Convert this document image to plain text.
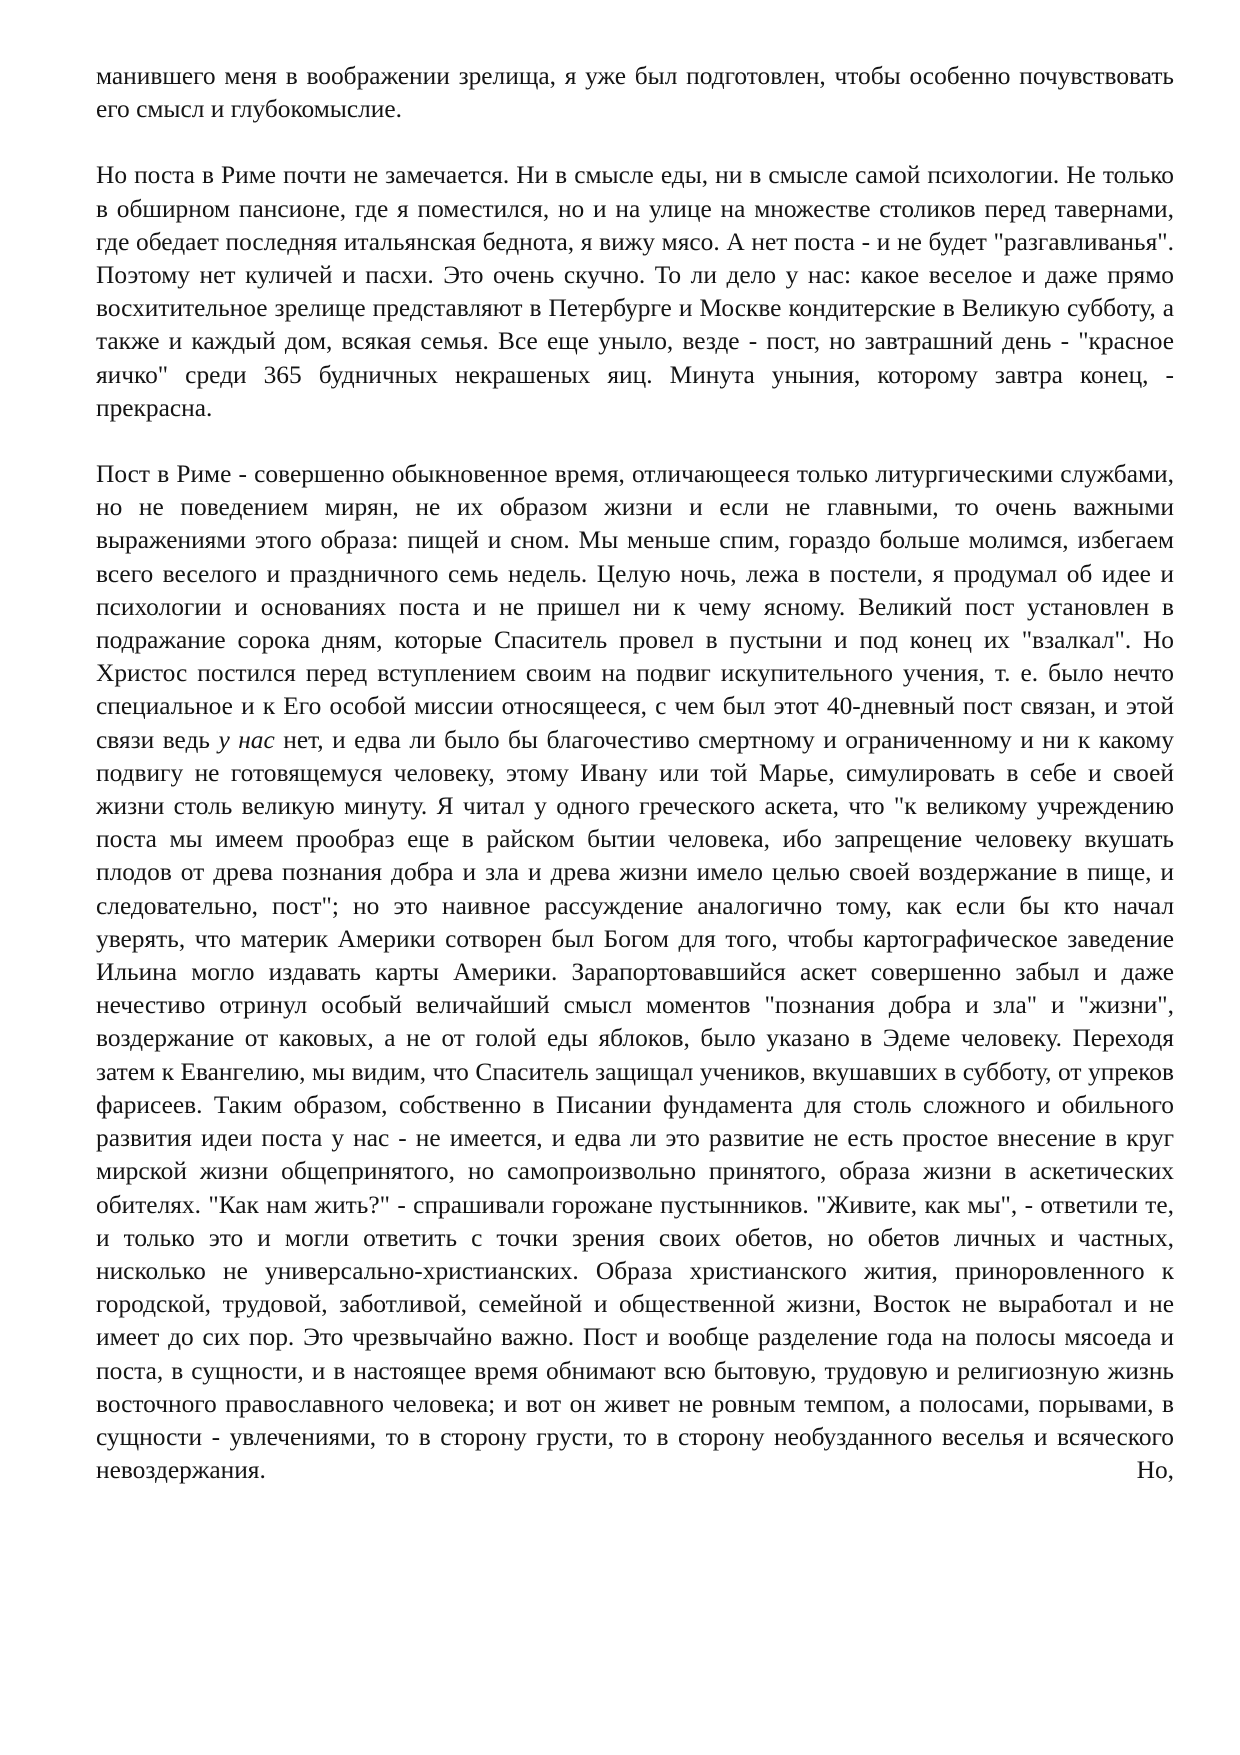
манившего меня в воображении зрелища, я уже был подготовлен, чтобы особенно почувствовать его смысл и глубокомыслие.

Но поста в Риме почти не замечается. Ни в смысле еды, ни в смысле самой психологии. Не только в обширном пансионе, где я поместился, но и на улице на множестве столиков перед тавернами, где обедает последняя итальянская беднота, я вижу мясо. А нет поста - и не будет "разгавливанья". Поэтому нет куличей и пасхи. Это очень скучно. То ли дело у нас: какое веселое и даже прямо восхитительное зрелище представляют в Петербурге и Москве кондитерские в Великую субботу, а также и каждый дом, всякая семья. Все еще уныло, везде - пост, но завтрашний день - "красное яичко" среди 365 будничных некрашеных яиц. Минута уныния, которому завтра конец, - прекрасна.

Пост в Риме - совершенно обыкновенное время, отличающееся только литургическими службами, но не поведением мирян, не их образом жизни и если не главными, то очень важными выражениями этого образа: пищей и сном. Мы меньше спим, гораздо больше молимся, избегаем всего веселого и праздничного семь недель. Целую ночь, лежа в постели, я продумал об идее и психологии и основаниях поста и не пришел ни к чему ясному. Великий пост установлен в подражание сорока дням, которые Спаситель провел в пустыни и под конец их "взалкал". Но Христос постился перед вступлением своим на подвиг искупительного учения, т. е. было нечто специальное и к Его особой миссии относящееся, с чем был этот 40-дневный пост связан, и этой связи ведь у нас нет, и едва ли было бы благочестиво смертному и ограниченному и ни к какому подвигу не готовящемуся человеку, этому Ивану или той Марье, симулировать в себе и своей жизни столь великую минуту. Я читал у одного греческого аскета, что "к великому учреждению поста мы имеем прообраз еще в райском бытии человека, ибо запрещение человеку вкушать плодов от древа познания добра и зла и древа жизни имело целью своей воздержание в пище, и следовательно, пост"; но это наивное рассуждение аналогично тому, как если бы кто начал уверять, что материк Америки сотворен был Богом для того, чтобы картографическое заведение Ильина могло издавать карты Америки. Зарапортовавшийся аскет совершенно забыл и даже нечестиво отринул особый величайший смысл моментов "познания добра и зла" и "жизни", воздержание от каковых, а не от голой еды яблоков, было указано в Эдеме человеку. Переходя затем к Евангелию, мы видим, что Спаситель защищал учеников, вкушавших в субботу, от упреков фарисеев. Таким образом, собственно в Писании фундамента для столь сложного и обильного развития идеи поста у нас - не имеется, и едва ли это развитие не есть простое внесение в круг мирской жизни общепринятого, но самопроизвольно принятого, образа жизни в аскетических обителях. "Как нам жить?" - спрашивали горожане пустынников. "Живите, как мы", - ответили те, и только это и могли ответить с точки зрения своих обетов, но обетов личных и частных, нисколько не универсально-христианских. Образа христианского жития, приноровленного к городской, трудовой, заботливой, семейной и общественной жизни, Восток не выработал и не имеет до сих пор. Это чрезвычайно важно. Пост и вообще разделение года на полосы мясоеда и поста, в сущности, и в настоящее время обнимают всю бытовую, трудовую и религиозную жизнь восточного православного человека; и вот он живет не ровным темпом, а полосами, порывами, в сущности - увлечениями, то в сторону грусти, то в сторону необузданного веселья и всяческого невоздержания. Но,
